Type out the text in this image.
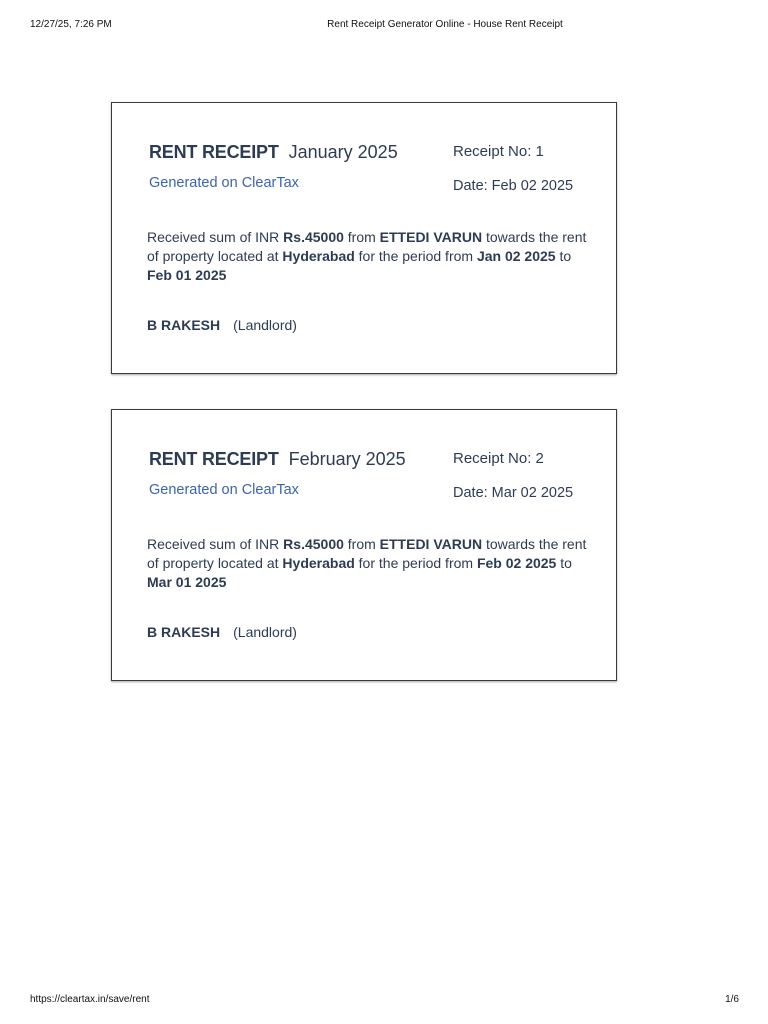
12/27/25, 7:26 PM	Rent Receipt Generator Online - House Rent Receipt
RENT RECEIPT January 2025	Receipt No: 1
Generated on ClearTax	Date: Feb 02 2025
Received sum of INR Rs.45000 from ETTEDI VARUN towards the rent of property located at Hyderabad for the period from Jan 02 2025 to Feb 01 2025
B RAKESH (Landlord)
RENT RECEIPT February 2025	Receipt No: 2
Generated on ClearTax	Date: Mar 02 2025
Received sum of INR Rs.45000 from ETTEDI VARUN towards the rent of property located at Hyderabad for the period from Feb 02 2025 to Mar 01 2025
B RAKESH (Landlord)
https://cleartax.in/save/rent	1/6
